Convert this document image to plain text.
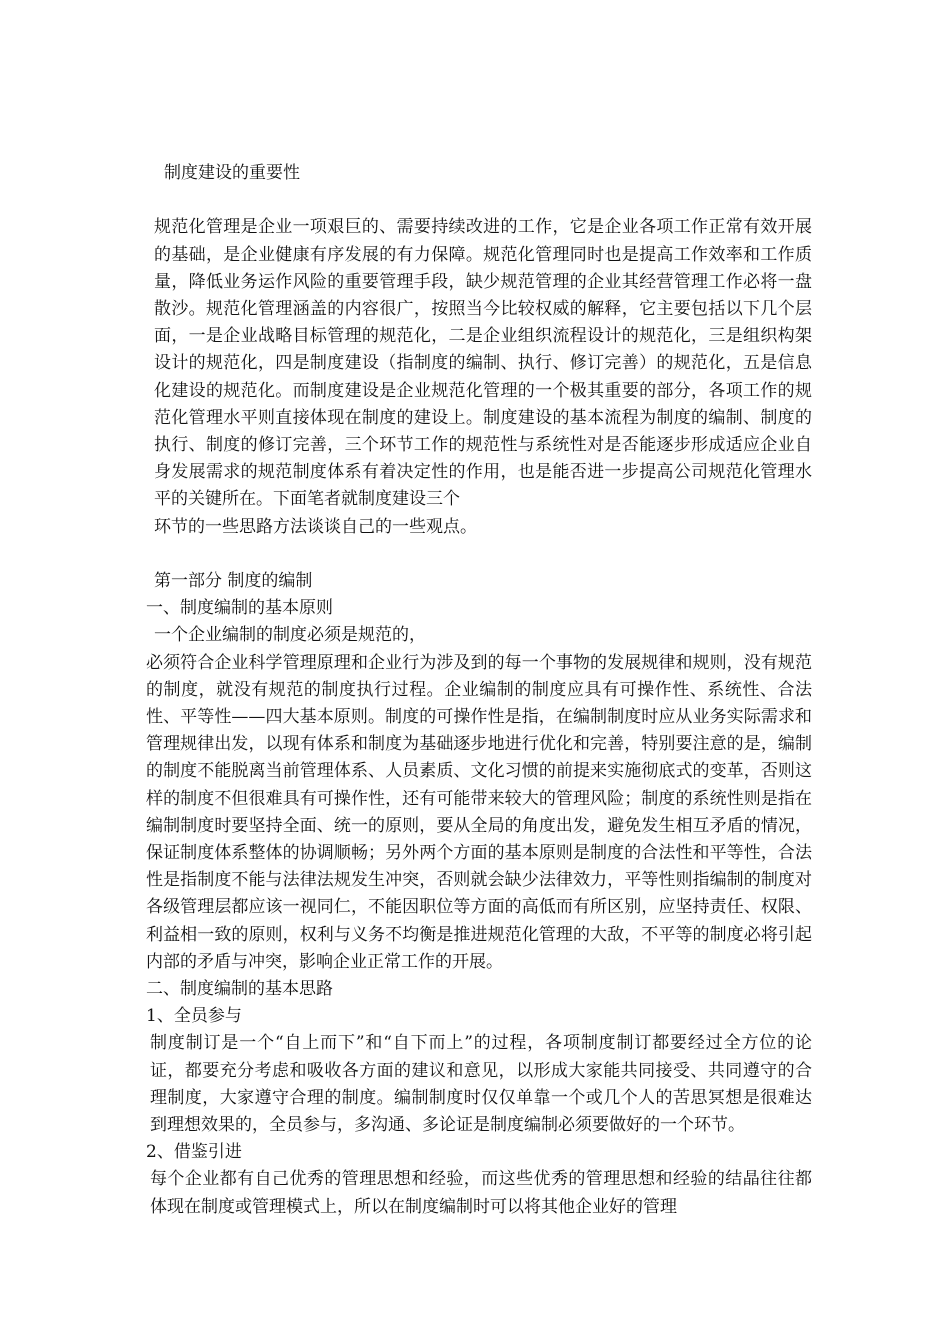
制度建设的重要性

规范化管理是企业一项艰巨的、需要持续改进的工作，它是企业各项工作正常有效开展的基础，是企业健康有序发展的有力保障。规范化管理同时也是提高工作效率和工作质量，降低业务运作风险的重要管理手段，缺少规范管理的企业其经营管理工作必将一盘散沙。规范化管理涵盖的内容很广，按照当今比较权威的解释，它主要包括以下几个层面，一是企业战略目标管理的规范化，二是企业组织流程设计的规范化，三是组织构架设计的规范化，四是制度建设（指制度的编制、执行、修订完善）的规范化，五是信息化建设的规范化。而制度建设是企业规范化管理的一个极其重要的部分，各项工作的规范化管理水平则直接体现在制度的建设上。制度建设的基本流程为制度的编制、制度的执行、制度的修订完善，三个环节工作的规范性与系统性对是否能逐步形成适应企业自身发展需求的规范制度体系有着决定性的作用，也是能否进一步提高公司规范化管理水平的关键所在。下面笔者就制度建设三个

环节的一些思路方法谈谈自己的一些观点。

第一部分 制度的编制

一、制度编制的基本原则

一个企业编制的制度必须是规范的，

必须符合企业科学管理原理和企业行为涉及到的每一个事物的发展规律和规则，没有规范的制度，就没有规范的制度执行过程。企业编制的制度应具有可操作性、系统性、合法性、平等性——四大基本原则。制度的可操作性是指，在编制制度时应从业务实际需求和管理规律出发，以现有体系和制度为基础逐步地进行优化和完善，特别要注意的是，编制的制度不能脱离当前管理体系、人员素质、文化习惯的前提来实施彻底式的变革，否则这样的制度不但很难具有可操作性，还有可能带来较大的管理风险；制度的系统性则是指在编制制度时要坚持全面、统一的原则，要从全局的角度出发，避免发生相互矛盾的情况，保证制度体系整体的协调顺畅；另外两个方面的基本原则是制度的合法性和平等性，合法性是指制度不能与法律法规发生冲突，否则就会缺少法律效力，平等性则指编制的制度对各级管理层都应该一视同仁，不能因职位等方面的高低而有所区别，应坚持责任、权限、利益相一致的原则，权利与义务不均衡是推进规范化管理的大敌，不平等的制度必将引起内部的矛盾与冲突，影响企业正常工作的开展。

二、制度编制的基本思路

1、全员参与

制度制订是一个“自上而下”和“自下而上”的过程，各项制度制订都要经过全方位的论证，都要充分考虑和吸收各方面的建议和意见，以形成大家能共同接受、共同遵守的合理制度，大家遵守合理的制度。编制制度时仅仅单靠一个或几个人的苦思冥想是很难达到理想效果的，全员参与，多沟通、多论证是制度编制必须要做好的一个环节。

2、借鉴引进

每个企业都有自己优秀的管理思想和经验，而这些优秀的管理思想和经验的结晶往往都体现在制度或管理模式上，所以在制度编制时可以将其他企业好的管理
